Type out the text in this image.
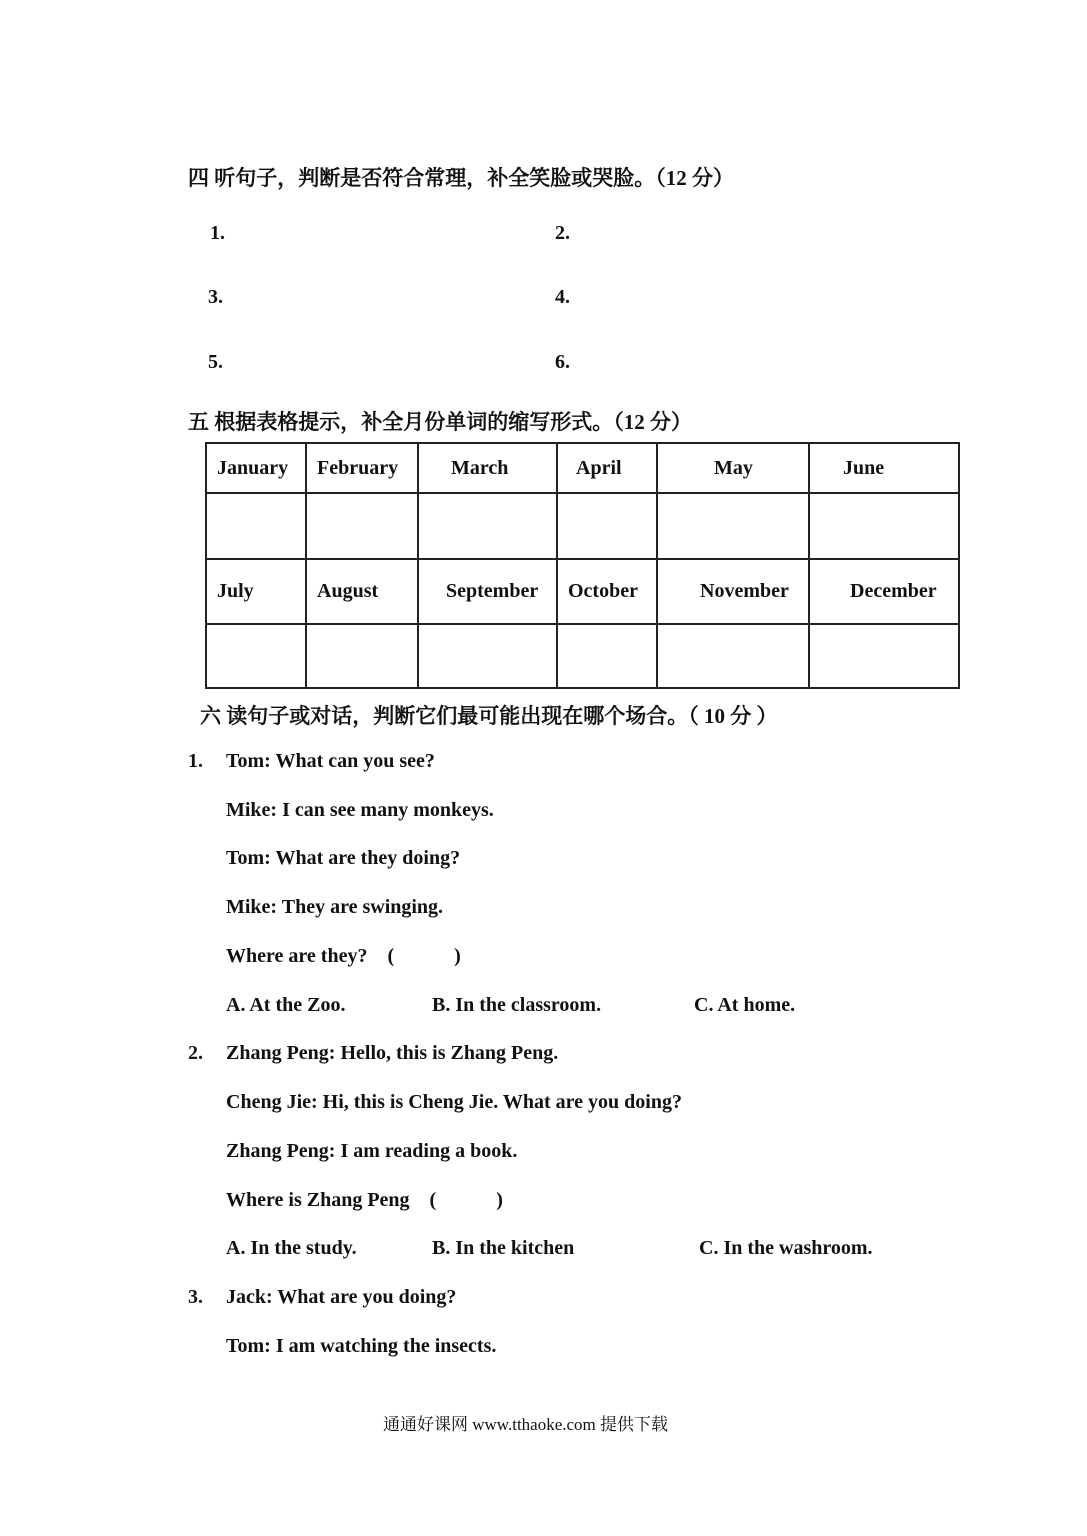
四 听句子，判断是否符合常理，补全笑脸或哭脸。（12 分）
1.	2.
3.	4.
5.	6.
五 根据表格提示，补全月份单词的缩写形式。（12 分）
January	February	March	April	May	June

July	August	September	October	November	December

六 读句子或对话，判断它们最可能出现在哪个场合。（ 10 分 ）
1. Tom: What can you see?
Mike: I can see many monkeys.
Tom: What are they doing?
Mike: They are swinging.
Where are they?    (            )
A. At the Zoo.	B. In the classroom.	C. At home.
2. Zhang Peng: Hello, this is Zhang Peng.
Cheng Jie: Hi, this is Cheng Jie. What are you doing?
Zhang Peng: I am reading a book.
Where is Zhang Peng    (            )
A. In the study.	B. In the kitchen	C. In the washroom.
3. Jack: What are you doing?
Tom: I am watching the insects.
通通好课网 www.tthaoke.com 提供下载
